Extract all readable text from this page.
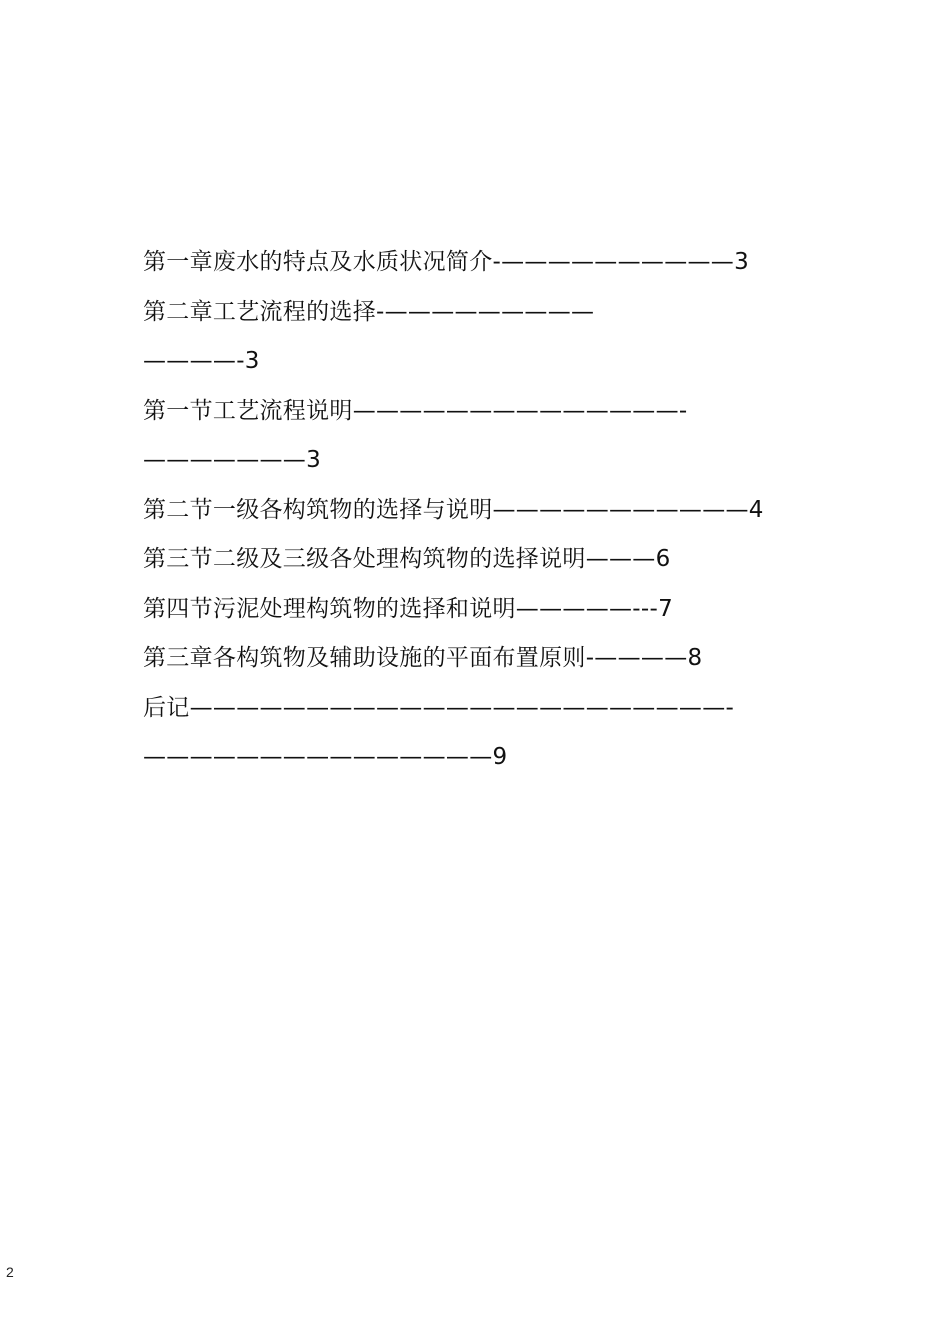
第一章废水的特点及水质状况简介-——————————3
第二章工艺流程的选择-—————————
————-3
第一节工艺流程说明——————————————-
———————3
第二节一级各构筑物的选择与说明———————————4
第三节二级及三级各处理构筑物的选择说明———6
第四节污泥处理构筑物的选择和说明—————---7
第三章各构筑物及辅助设施的平面布置原则-————8
后记———————————————————————-
———————————————9
2
